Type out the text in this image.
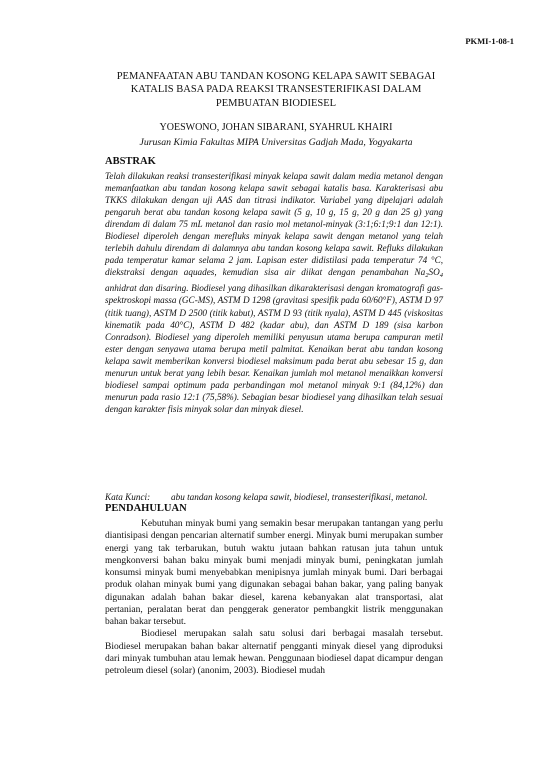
PKMI-1-08-1
PEMANFAATAN ABU TANDAN KOSONG KELAPA SAWIT SEBAGAI KATALIS BASA PADA REAKSI TRANSESTERIFIKASI DALAM PEMBUATAN BIODIESEL
YOESWONO, JOHAN SIBARANI, SYAHRUL KHAIRI
Jurusan Kimia Fakultas MIPA Universitas Gadjah Mada, Yogyakarta
ABSTRAK

Telah dilakukan reaksi transesterifikasi minyak kelapa sawit dalam media metanol dengan memanfaatkan abu tandan kosong kelapa sawit sebagai katalis basa. Karakterisasi abu TKKS dilakukan dengan uji AAS dan titrasi indikator. Variabel yang dipelajari adalah pengaruh berat abu tandan kosong kelapa sawit (5 g, 10 g, 15 g, 20 g dan 25 g) yang direndam di dalam 75 mL metanol dan rasio mol metanol-minyak (3:1;6:1;9:1 dan 12:1). Biodiesel diperoleh dengan merefluks minyak kelapa sawit dengan metanol yang telah terlebih dahulu direndam di dalamnya abu tandan kosong kelapa sawit. Refluks dilakukan pada temperatur kamar selama 2 jam. Lapisan ester didistilasi pada temperatur 74 °C, diekstraksi dengan aquades, kemudian sisa air diikat dengan penambahan $Na_2SO_4$ anhidrat dan disaring. Biodiesel yang dihasilkan dikarakterisasi dengan kromatografi gas-spektroskopi massa (GC-MS), ASTM D 1298 (gravitasi spesifik pada 60/60°F), ASTM D 97 (titik tuang), ASTM D 2500 (titik kabut), ASTM D 93 (titik nyala), ASTM D 445 (viskositas kinematik pada 40°C), ASTM D 482 (kadar abu), dan ASTM D 189 (sisa karbon Conradson). Biodiesel yang diperoleh memiliki penyusun utama berupa campuran metil ester dengan senyawa utama berupa metil palmitat. Kenaikan berat abu tandan kosong kelapa sawit memberikan konversi biodiesel maksimum pada berat abu sebesar 15 g, dan menurun untuk berat yang lebih besar. Kenaikan jumlah mol metanol menaikkan konversi biodiesel sampai optimum pada perbandingan mol metanol minyak 9:1 (84,12%) dan menurun pada rasio 12:1 (75,58%). Sebagian besar biodiesel yang dihasilkan telah sesuai dengan karakter fisis minyak solar dan minyak diesel.

Kata Kunci: abu tandan kosong kelapa sawit, biodiesel, transesterifikasi, metanol.
PENDAHULUAN

Kebutuhan minyak bumi yang semakin besar merupakan tantangan yang perlu diantisipasi dengan pencarian alternatif sumber energi. Minyak bumi merupakan sumber energi yang tak terbarukan, butuh waktu jutaan bahkan ratusan juta tahun untuk mengkonversi bahan baku minyak bumi menjadi minyak bumi, peningkatan jumlah konsumsi minyak bumi menyebabkan menipisnya jumlah minyak bumi. Dari berbagai produk olahan minyak bumi yang digunakan sebagai bahan bakar, yang paling banyak digunakan adalah bahan bakar diesel, karena kebanyakan alat transportasi, alat pertanian, peralatan berat dan penggerak generator pembangkit listrik menggunakan bahan bakar tersebut.

Biodiesel merupakan salah satu solusi dari berbagai masalah tersebut. Biodiesel merupakan bahan bakar alternatif pengganti minyak diesel yang diproduksi dari minyak tumbuhan atau lemak hewan. Penggunaan biodiesel dapat dicampur dengan petroleum diesel (solar) (anonim, 2003). Biodiesel mudah
